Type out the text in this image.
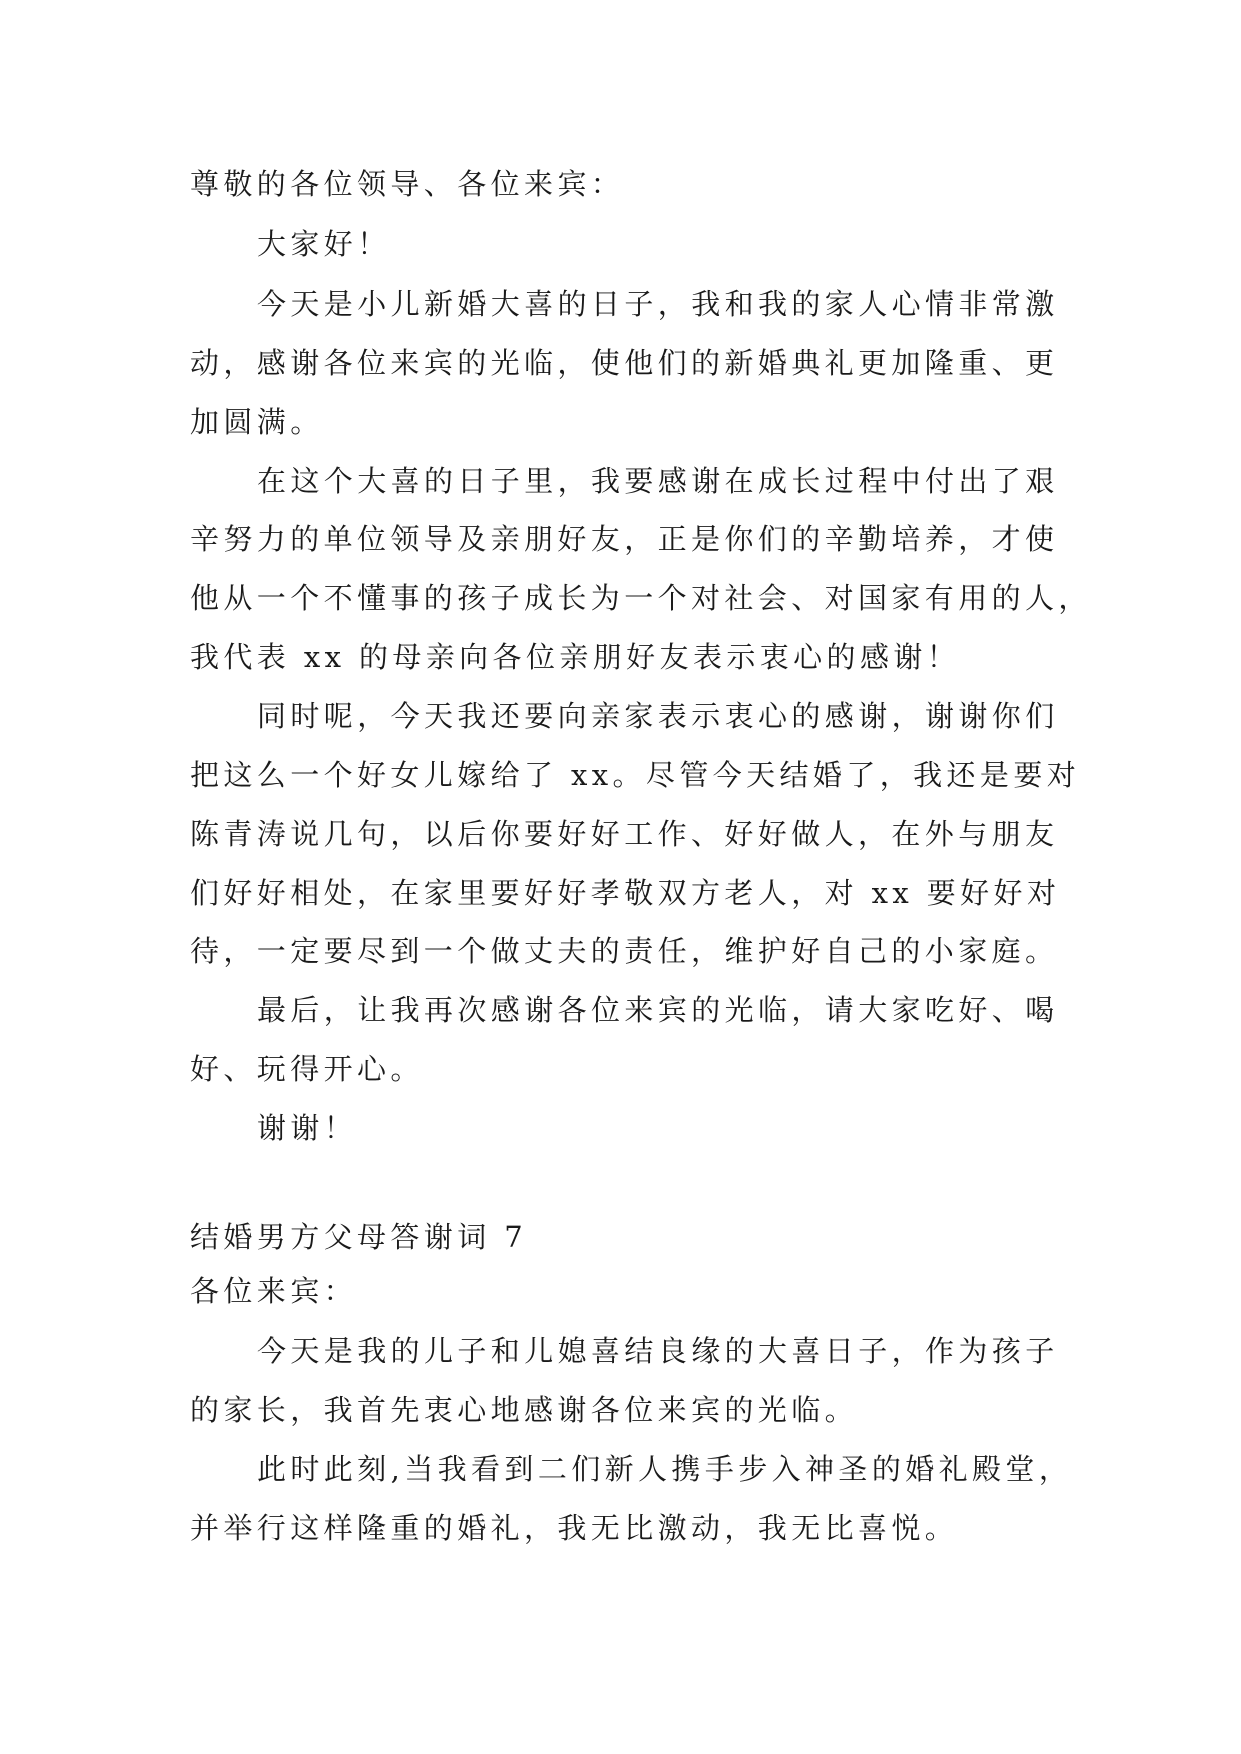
尊敬的各位领导、各位来宾：
大家好！
今天是小儿新婚大喜的日子，我和我的家人心情非常激
动，感谢各位来宾的光临，使他们的新婚典礼更加隆重、更
加圆满。
在这个大喜的日子里，我要感谢在成长过程中付出了艰
辛努力的单位领导及亲朋好友，正是你们的辛勤培养，才使
他从一个不懂事的孩子成长为一个对社会、对国家有用的人，
我代表 xx 的母亲向各位亲朋好友表示衷心的感谢！
同时呢，今天我还要向亲家表示衷心的感谢，谢谢你们
把这么一个好女儿嫁给了 xx。尽管今天结婚了，我还是要对
陈青涛说几句，以后你要好好工作、好好做人，在外与朋友
们好好相处，在家里要好好孝敬双方老人，对 xx 要好好对
待，一定要尽到一个做丈夫的责任，维护好自己的小家庭。
最后，让我再次感谢各位来宾的光临，请大家吃好、喝
好、玩得开心。
谢谢！
结婚男方父母答谢词 7
各位来宾：
今天是我的儿子和儿媳喜结良缘的大喜日子，作为孩子
的家长，我首先衷心地感谢各位来宾的光临。
此时此刻,当我看到二们新人携手步入神圣的婚礼殿堂，
并举行这样隆重的婚礼，我无比激动，我无比喜悦。
